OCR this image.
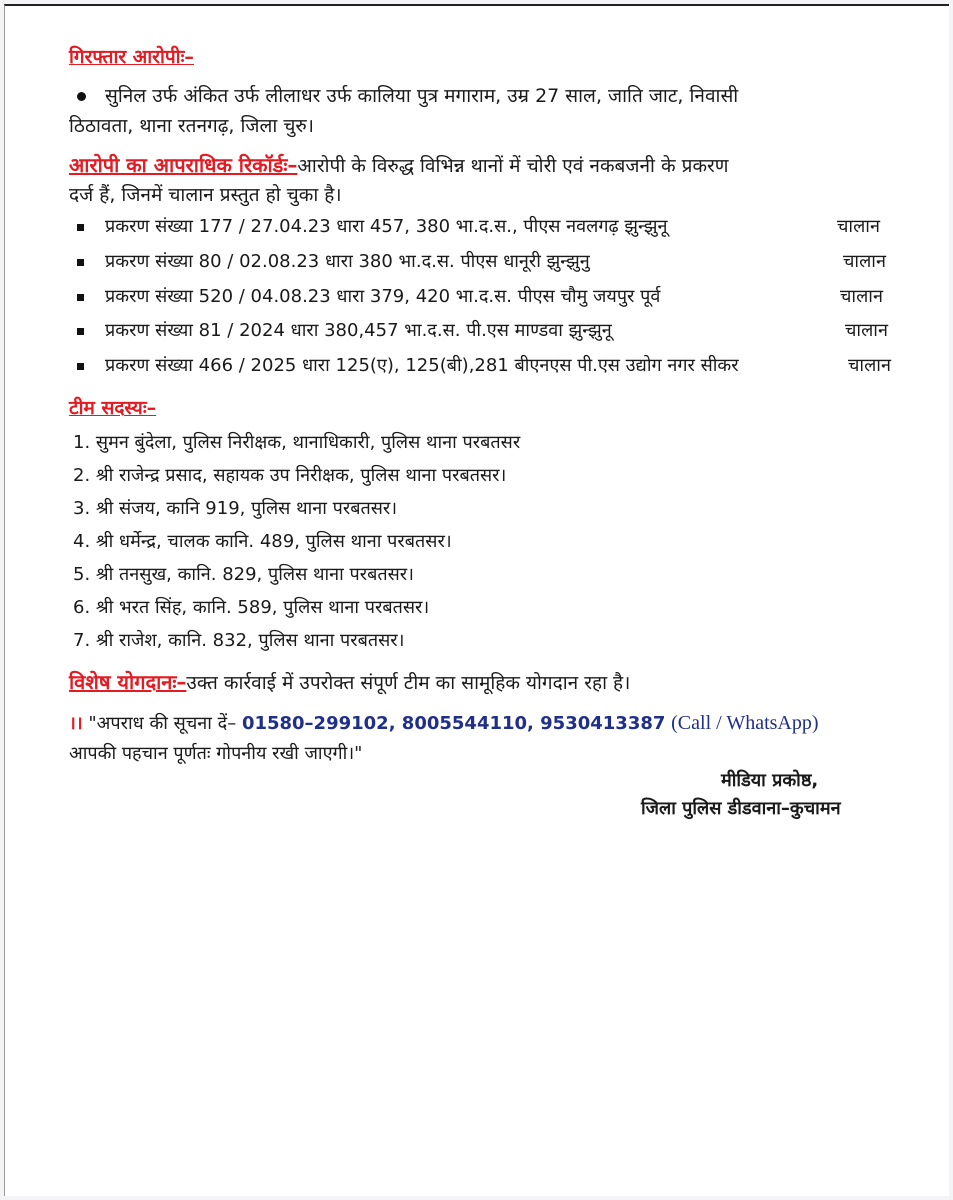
गिरफ्तार आरोपीः–
सुनिल उर्फ अंकित उर्फ लीलाधर उर्फ कालिया पुत्र मगाराम, उम्र 27 साल, जाति जाट, निवासी
ठिठावता, थाना रतनगढ़, जिला चुरु।
आरोपी का आपराधिक रिकॉर्डः–आरोपी के विरुद्ध विभिन्न थानों में चोरी एवं नकबजनी के प्रकरण
दर्ज हैं, जिनमें चालान प्रस्तुत हो चुका है।
प्रकरण संख्या 177 / 27.04.23 धारा 457, 380 भा.द.स., पीएस नवलगढ़ झुन्झुनू	चालान
प्रकरण संख्या 80 / 02.08.23 धारा 380 भा.द.स. पीएस धानूरी झुन्झुनु	चालान
प्रकरण संख्या 520 / 04.08.23 धारा 379, 420 भा.द.स. पीएस चौमु जयपुर पूर्व	चालान
प्रकरण संख्या 81 / 2024 धारा 380,457 भा.द.स. पी.एस माण्डवा झुन्झुनू	चालान
प्रकरण संख्या 466 / 2025 धारा 125(ए), 125(बी),281 बीएनएस पी.एस उद्योग नगर सीकर	चालान
टीम सदस्यः–
1. सुमन बुंदेला, पुलिस निरीक्षक, थानाधिकारी, पुलिस थाना परबतसर
2. श्री राजेन्द्र प्रसाद, सहायक उप निरीक्षक, पुलिस थाना परबतसर।
3. श्री संजय, कानि 919, पुलिस थाना परबतसर।
4. श्री धर्मेन्द्र, चालक कानि. 489, पुलिस थाना परबतसर।
5. श्री तनसुख, कानि. 829, पुलिस थाना परबतसर।
6. श्री भरत सिंह, कानि. 589, पुलिस थाना परबतसर।
7. श्री राजेश, कानि. 832, पुलिस थाना परबतसर।
विशेष योगदानः–उक्त कार्रवाई में उपरोक्त संपूर्ण टीम का सामूहिक योगदान रहा है।
।। "अपराध की सूचना दें– 01580–299102, 8005544110, 9530413387 (Call / WhatsApp)
आपकी पहचान पूर्णतः गोपनीय रखी जाएगी।"
मीडिया प्रकोष्ठ,
जिला पुलिस डीडवाना–कुचामन
